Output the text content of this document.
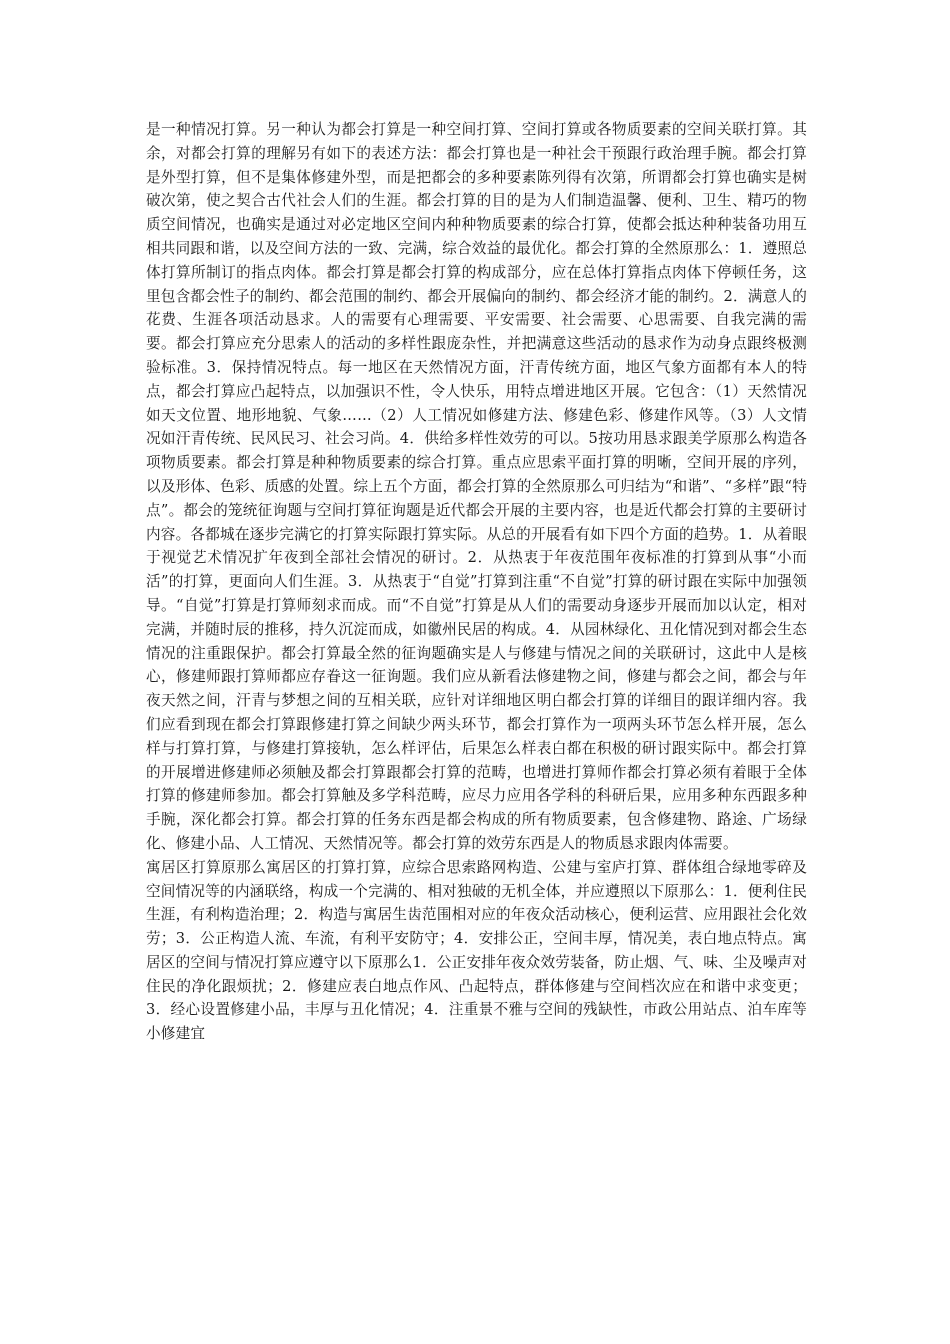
是一种情况打算。另一种认为都会打算是一种空间打算、空间打算或各物质要素的空间关联打算。其余，对都会打算的理解另有如下的表述方法：都会打算也是一种社会干预跟行政治理手腕。都会打算是外型打算，但不是集体修建外型，而是把都会的多种要素陈列得有次第，所谓都会打算也确实是树破次第，使之契合古代社会人们的生涯。都会打算的目的是为人们制造温馨、便利、卫生、精巧的物质空间情况，也确实是通过对必定地区空间内种种物质要素的综合打算，使都会抵达种种装备功用互相共同跟和谐，以及空间方法的一致、完满，综合效益的最优化。都会打算的全然原那么：1．遵照总体打算所制订的指点肉体。都会打算是都会打算的构成部分，应在总体打算指点肉体下停顿任务，这里包含都会性子的制约、都会范围的制约、都会开展偏向的制约、都会经济才能的制约。2．满意人的花费、生涯各项活动恳求。人的需要有心理需要、平安需要、社会需要、心思需要、自我完满的需要。都会打算应充分思索人的活动的多样性跟庞杂性，并把满意这些活动的恳求作为动身点跟终极测验标准。3．保持情况特点。每一地区在天然情况方面，汗青传统方面，地区气象方面都有本人的特点，都会打算应凸起特点，以加强识不性，令人快乐，用特点增进地区开展。它包含：（1）天然情况如天文位置、地形地貌、气象……（2）人工情况如修建方法、修建色彩、修建作风等。（3）人文情况如汗青传统、民风民习、社会习尚。4．供给多样性效劳的可以。5按功用恳求跟美学原那么构造各项物质要素。都会打算是种种物质要素的综合打算。重点应思索平面打算的明晰，空间开展的序列，以及形体、色彩、质感的处置。综上五个方面，都会打算的全然原那么可归结为“和谐”、“多样”跟“特点”。都会的笼统征询题与空间打算征询题是近代都会开展的主要内容，也是近代都会打算的主要研讨内容。各都城在逐步完满它的打算实际跟打算实际。从总的开展看有如下四个方面的趋势。1．从着眼于视觉艺术情况扩年夜到全部社会情况的研讨。2．从热衷于年夜范围年夜标准的打算到从事“小而活”的打算，更面向人们生涯。3．从热衷于“自觉”打算到注重“不自觉”打算的研讨跟在实际中加强领导。“自觉”打算是打算师刻求而成。而“不自觉”打算是从人们的需要动身逐步开展而加以认定，相对完满，并随时辰的推移，持久沉淀而成，如徽州民居的构成。4．从园林绿化、丑化情况到对都会生态情况的注重跟保护。都会打算最全然的征询题确实是人与修建与情况之间的关联研讨，这此中人是核心，修建师跟打算师都应存眷这一征询题。我们应从新看法修建物之间，修建与都会之间，都会与年夜天然之间，汗青与梦想之间的互相关联，应针对详细地区明白都会打算的详细目的跟详细内容。我们应看到现在都会打算跟修建打算之间缺少两头环节，都会打算作为一项两头环节怎么样开展，怎么样与打算打算，与修建打算接轨，怎么样评估，后果怎么样表白都在积极的研讨跟实际中。都会打算的开展增进修建师必须触及都会打算跟都会打算的范畴，也增进打算师作都会打算必须有着眼于全体打算的修建师参加。都会打算触及多学科范畴，应尽力应用各学科的科研后果，应用多种东西跟多种手腕，深化都会打算。都会打算的任务东西是都会构成的所有物质要素，包含修建物、路途、广场绿化、修建小品、人工情况、天然情况等。都会打算的效劳东西是人的物质恳求跟肉体需要。

寓居区打算原那么寓居区的打算打算，应综合思索路网构造、公建与室庐打算、群体组合绿地零碎及空间情况等的内涵联络，构成一个完满的、相对独破的无机全体，并应遵照以下原那么：1．便利住民生涯，有利构造治理；2．构造与寓居生齿范围相对应的年夜众活动核心，便利运营、应用跟社会化效劳；3．公正构造人流、车流，有利平安防守；4．安排公正，空间丰厚，情况美，表白地点特点。寓居区的空间与情况打算应遵守以下原那么1．公正安排年夜众效劳装备，防止烟、气、味、尘及噪声对住民的净化跟烦扰；2．修建应表白地点作风、凸起特点，群体修建与空间档次应在和谐中求变更；3．经心设置修建小品，丰厚与丑化情况；4．注重景不雅与空间的残缺性，市政公用站点、泊车库等小修建宜
